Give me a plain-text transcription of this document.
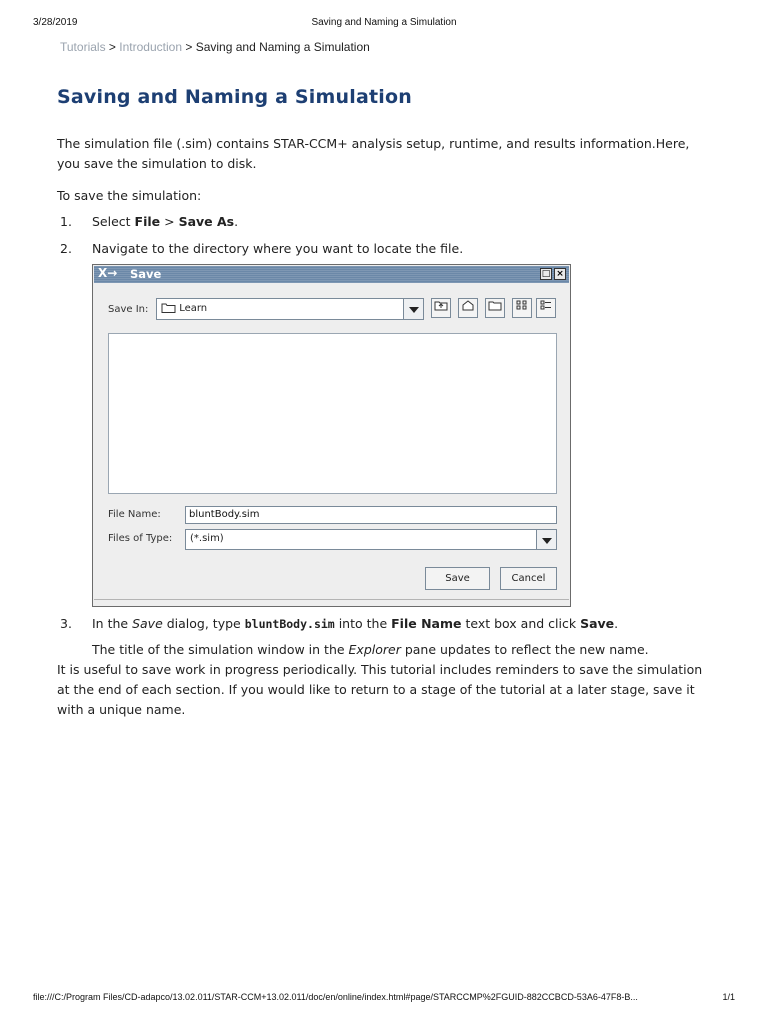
3/28/2019	Saving and Naming a Simulation
Tutorials > Introduction > Saving and Naming a Simulation
Saving and Naming a Simulation

The simulation file (.sim) contains STAR-CCM+ analysis setup, runtime, and results information.Here,
you save the simulation to disk.

To save the simulation:

1. Select File > Save As.
2. Navigate to the directory where you want to locate the file.
X→ Save	□ ×
Save In:	Learn
File Name:	bluntBody.sim
Files of Type: (*.sim)
Save	Cancel
3. In the Save dialog, type bluntBody.sim into the File Name text box and click Save.
The title of the simulation window in the Explorer pane updates to reflect the new name.

It is useful to save work in progress periodically. This tutorial includes reminders to save the simulation
at the end of each section. If you would like to return to a stage of the tutorial at a later stage, save it
with a unique name.

file:///C:/Program Files/CD-adapco/13.02.011/STAR-CCM+13.02.011/doc/en/online/index.html#page/STARCCMP%2FGUID-882CCBCD-53A6-47F8-B...	1/1
